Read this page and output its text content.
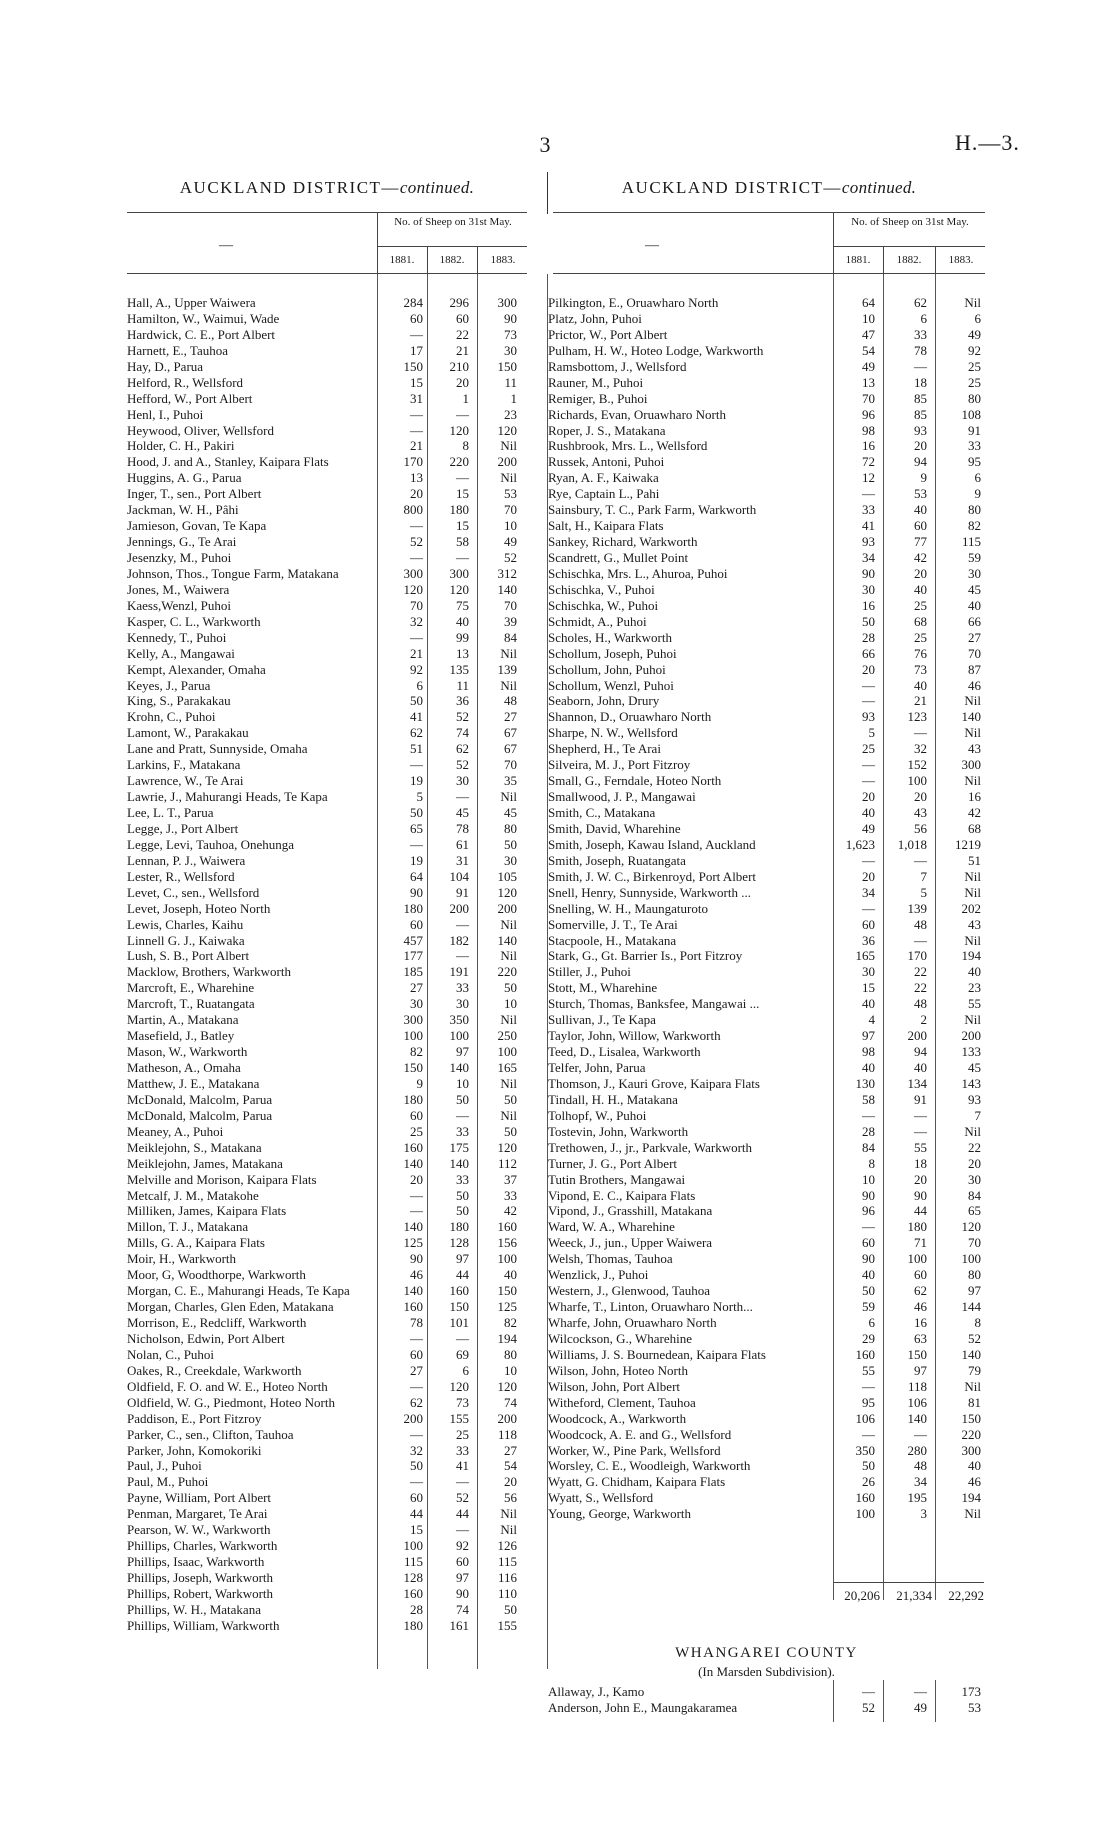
3	H.—3.
AUCKLAND DISTRICT—continued.	AUCKLAND DISTRICT—continued.
—
No. of Sheep on 31st May.
1881.	1882.	1883.
—
No. of Sheep on 31st May.
1881.	1882.	1883.
Hall, A., Upper Waiwera	284	296	300
Hamilton, W., Waimui, Wade	60	60	90
Hardwick, C. E., Port Albert	—	22	73
Harnett, E., Tauhoa	17	21	30
Hay, D., Parua	150	210	150
Helford, R., Wellsford	15	20	11
Hefford, W., Port Albert	31	1	1
Henl, I., Puhoi	—	—	23
Heywood, Oliver, Wellsford	—	120	120
Holder, C. H., Pakiri	21	8	Nil
Hood, J. and A., Stanley, Kaipara Flats	170	220	200
Huggins, A. G., Parua	13	—	Nil
Inger, T., sen., Port Albert	20	15	53
Jackman, W. H., Pâhi	800	180	70
Jamieson, Govan, Te Kapa	—	15	10
Jennings, G., Te Arai	52	58	49
Jesenzky, M., Puhoi	—	—	52
Johnson, Thos., Tongue Farm, Matakana	300	300	312
Jones, M., Waiwera	120	120	140
Kaess,Wenzl, Puhoi	70	75	70
Kasper, C. L., Warkworth	32	40	39
Kennedy, T., Puhoi	—	99	84
Kelly, A., Mangawai	21	13	Nil
Kempt, Alexander, Omaha	92	135	139
Keyes, J., Parua	6	11	Nil
King, S., Parakakau	50	36	48
Krohn, C., Puhoi	41	52	27
Lamont, W., Parakakau	62	74	67
Lane and Pratt, Sunnyside, Omaha	51	62	67
Larkins, F., Matakana	—	52	70
Lawrence, W., Te Arai	19	30	35
Lawrie, J., Mahurangi Heads, Te Kapa	5	—	Nil
Lee, L. T., Parua	50	45	45
Legge, J., Port Albert	65	78	80
Legge, Levi, Tauhoa, Onehunga	—	61	50
Lennan, P. J., Waiwera	19	31	30
Lester, R., Wellsford	64	104	105
Levet, C., sen., Wellsford	90	91	120
Levet, Joseph, Hoteo North	180	200	200
Lewis, Charles, Kaihu	60	—	Nil
Linnell G. J., Kaiwaka	457	182	140
Lush, S. B., Port Albert	177	—	Nil
Macklow, Brothers, Warkworth	185	191	220
Marcroft, E., Wharehine	27	33	50
Marcroft, T., Ruatangata	30	30	10
Martin, A., Matakana	300	350	Nil
Masefield, J., Batley	100	100	250
Mason, W., Warkworth	82	97	100
Matheson, A., Omaha	150	140	165
Matthew, J. E., Matakana	9	10	Nil
McDonald, Malcolm, Parua	180	50	50
McDonald, Malcolm, Parua	60	—	Nil
Meaney, A., Puhoi	25	33	50
Meiklejohn, S., Matakana	160	175	120
Meiklejohn, James, Matakana	140	140	112
Melville and Morison, Kaipara Flats	20	33	37
Metcalf, J. M., Matakohe	—	50	33
Milliken, James, Kaipara Flats	—	50	42
Millon, T. J., Matakana	140	180	160
Mills, G. A., Kaipara Flats	125	128	156
Moir, H., Warkworth	90	97	100
Moor, G, Woodthorpe, Warkworth	46	44	40
Morgan, C. E., Mahurangi Heads, Te Kapa	140	160	150
Morgan, Charles, Glen Eden, Matakana	160	150	125
Morrison, E., Redcliff, Warkworth	78	101	82
Nicholson, Edwin, Port Albert	—	—	194
Nolan, C., Puhoi	60	69	80
Oakes, R., Creekdale, Warkworth	27	6	10
Oldfield, F. O. and W. E., Hoteo North	—	120	120
Oldfield, W. G., Piedmont, Hoteo North	62	73	74
Paddison, E., Port Fitzroy	200	155	200
Parker, C., sen., Clifton, Tauhoa	—	25	118
Parker, John, Komokoriki	32	33	27
Paul, J., Puhoi	50	41	54
Paul, M., Puhoi	—	—	20
Payne, William, Port Albert	60	52	56
Penman, Margaret, Te Arai	44	44	Nil
Pearson, W. W., Warkworth	15	—	Nil
Phillips, Charles, Warkworth	100	92	126
Phillips, Isaac, Warkworth	115	60	115
Phillips, Joseph, Warkworth	128	97	116
Phillips, Robert, Warkworth	160	90	110
Phillips, W. H., Matakana	28	74	50
Phillips, William, Warkworth	180	161	155
Pilkington, E., Oruawharo North	64	62	Nil
Platz, John, Puhoi	10	6	6
Prictor, W., Port Albert	47	33	49
Pulham, H. W., Hoteo Lodge, Warkworth	54	78	92
Ramsbottom, J., Wellsford	49	—	25
Rauner, M., Puhoi	13	18	25
Remiger, B., Puhoi	70	85	80
Richards, Evan, Oruawharo North	96	85	108
Roper, J. S., Matakana	98	93	91
Rushbrook, Mrs. L., Wellsford	16	20	33
Russek, Antoni, Puhoi	72	94	95
Ryan, A. F., Kaiwaka	12	9	6
Rye, Captain L., Pahi	—	53	9
Sainsbury, T. C., Park Farm, Warkworth	33	40	80
Salt, H., Kaipara Flats	41	60	82
Sankey, Richard, Warkworth	93	77	115
Scandrett, G., Mullet Point	34	42	59
Schischka, Mrs. L., Ahuroa, Puhoi	90	20	30
Schischka, V., Puhoi	30	40	45
Schischka, W., Puhoi	16	25	40
Schmidt, A., Puhoi	50	68	66
Scholes, H., Warkworth	28	25	27
Schollum, Joseph, Puhoi	66	76	70
Schollum, John, Puhoi	20	73	87
Schollum, Wenzl, Puhoi	—	40	46
Seaborn, John, Drury	—	21	Nil
Shannon, D., Oruawharo North	93	123	140
Sharpe, N. W., Wellsford	5	—	Nil
Shepherd, H., Te Arai	25	32	43
Silveira, M. J., Port Fitzroy	—	152	300
Small, G., Ferndale, Hoteo North	—	100	Nil
Smallwood, J. P., Mangawai	20	20	16
Smith, C., Matakana	40	43	42
Smith, David, Wharehine	49	56	68
Smith, Joseph, Kawau Island, Auckland	1,623	1,018	1219
Smith, Joseph, Ruatangata	—	—	51
Smith, J. W. C., Birkenroyd, Port Albert	20	7	Nil
Snell, Henry, Sunnyside, Warkworth ...	34	5	Nil
Snelling, W. H., Maungaturoto	—	139	202
Somerville, J. T., Te Arai	60	48	43
Stacpoole, H., Matakana	36	—	Nil
Stark, G., Gt. Barrier Is., Port Fitzroy	165	170	194
Stiller, J., Puhoi	30	22	40
Stott, M., Wharehine	15	22	23
Sturch, Thomas, Banksfee, Mangawai ...	40	48	55
Sullivan, J., Te Kapa	4	2	Nil
Taylor, John, Willow, Warkworth	97	200	200
Teed, D., Lisalea, Warkworth	98	94	133
Telfer, John, Parua	40	40	45
Thomson, J., Kauri Grove, Kaipara Flats	130	134	143
Tindall, H. H., Matakana	58	91	93
Tolhopf, W., Puhoi	—	—	7
Tostevin, John, Warkworth	28	—	Nil
Trethowen, J., jr., Parkvale, Warkworth	84	55	22
Turner, J. G., Port Albert	8	18	20
Tutin Brothers, Mangawai	10	20	30
Vipond, E. C., Kaipara Flats	90	90	84
Vipond, J., Grasshill, Matakana	96	44	65
Ward, W. A., Wharehine	—	180	120
Weeck, J., jun., Upper Waiwera	60	71	70
Welsh, Thomas, Tauhoa	90	100	100
Wenzlick, J., Puhoi	40	60	80
Western, J., Glenwood, Tauhoa	50	62	97
Wharfe, T., Linton, Oruawharo North...	59	46	144
Wharfe, John, Oruawharo North	6	16	8
Wilcockson, G., Wharehine	29	63	52
Williams, J. S. Bournedean, Kaipara Flats	160	150	140
Wilson, John, Hoteo North	55	97	79
Wilson, John, Port Albert	—	118	Nil
Witheford, Clement, Tauhoa	95	106	81
Woodcock, A., Warkworth	106	140	150
Woodcock, A. E. and G., Wellsford	—	—	220
Worker, W., Pine Park, Wellsford	350	280	300
Worsley, C. E., Woodleigh, Warkworth	50	48	40
Wyatt, G. Chidham, Kaipara Flats	26	34	46
Wyatt, S., Wellsford	160	195	194
Young, George, Warkworth	100	3	Nil
20,206	21,334	22,292
WHANGAREI COUNTY
(In Marsden Subdivision).
Allaway, J., Kamo	—	—	173
Anderson, John E., Maungakaramea	52	49	53
